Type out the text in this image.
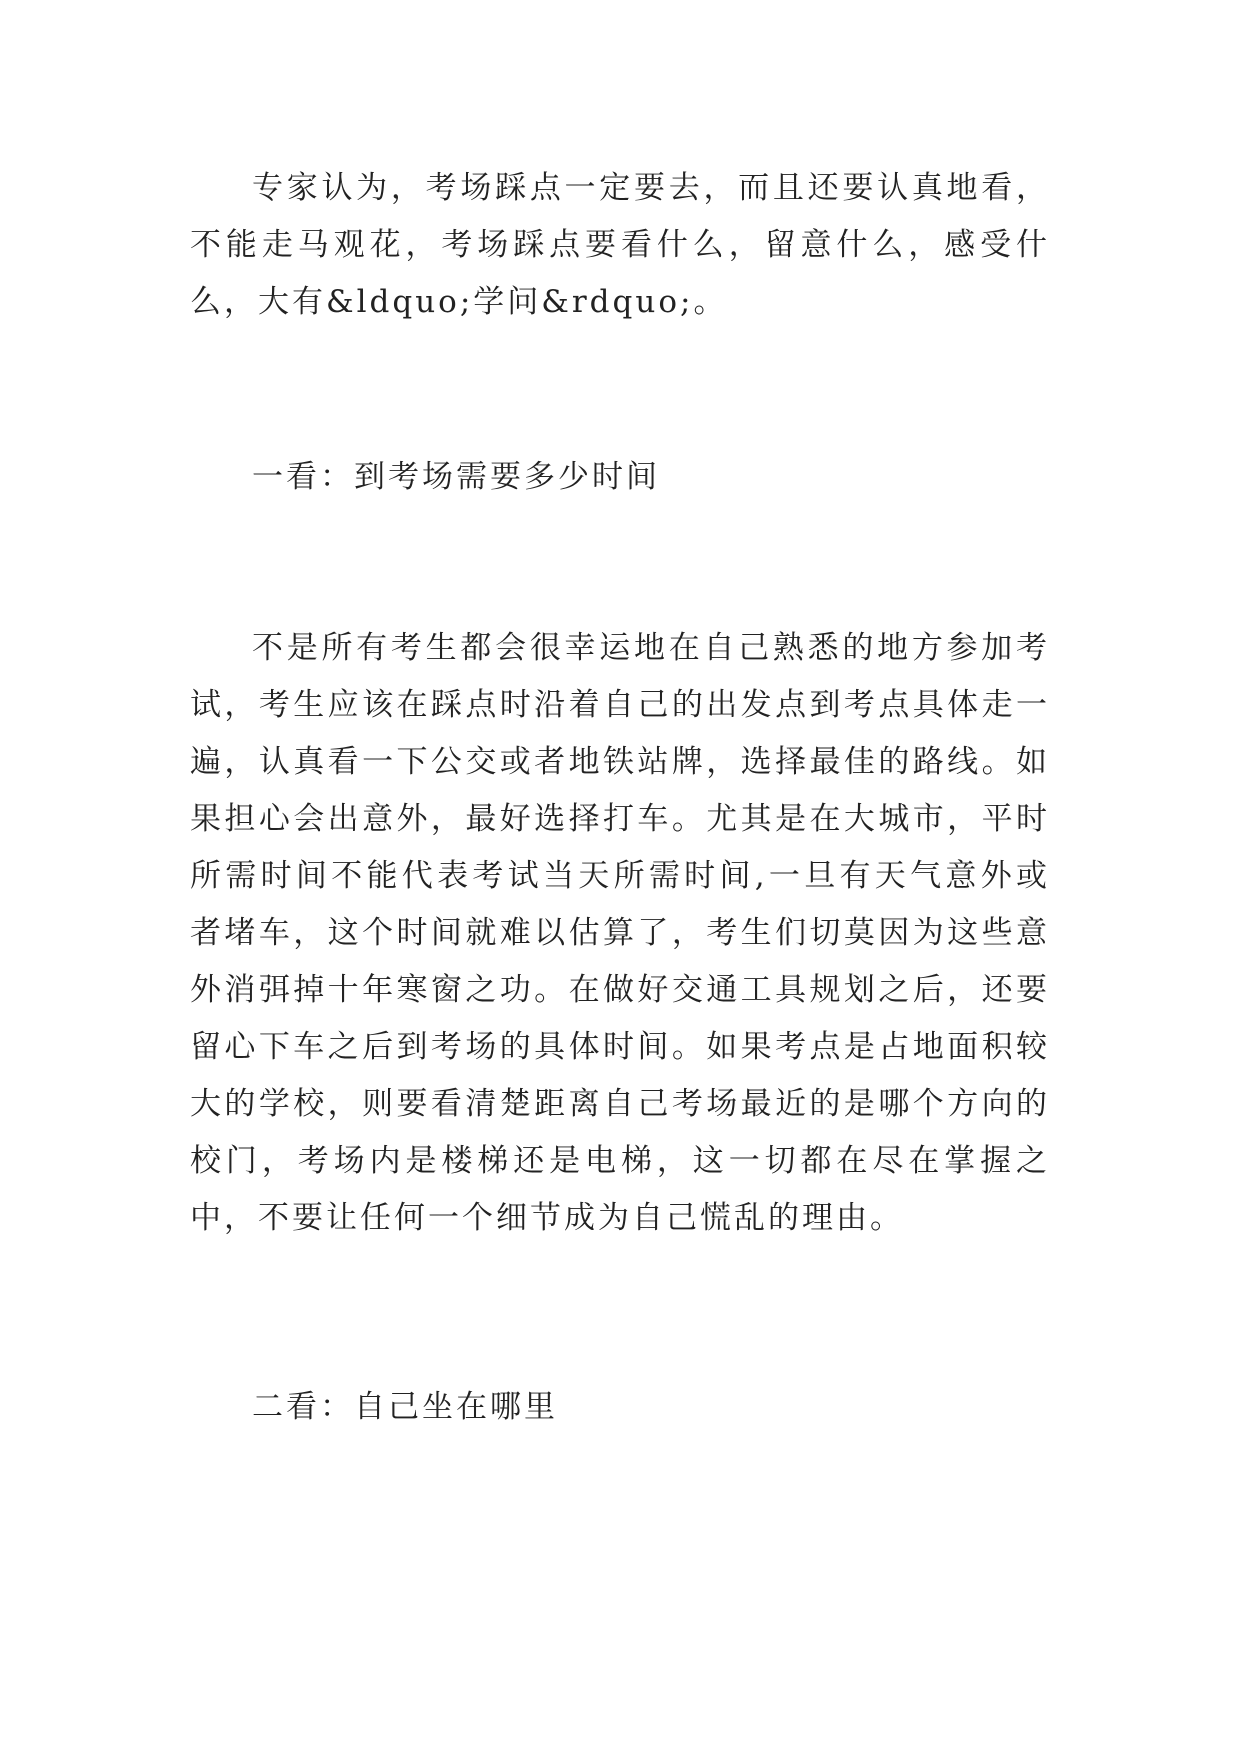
专家认为，考场踩点一定要去，而且还要认真地看，不能走马观花，考场踩点要看什么，留意什么，感受什么，大有&ldquo;学问&rdquo;。

一看：到考场需要多少时间

不是所有考生都会很幸运地在自己熟悉的地方参加考试，考生应该在踩点时沿着自己的出发点到考点具体走一遍，认真看一下公交或者地铁站牌，选择最佳的路线。如果担心会出意外，最好选择打车。尤其是在大城市，平时所需时间不能代表考试当天所需时间,一旦有天气意外或者堵车，这个时间就难以估算了，考生们切莫因为这些意外消弭掉十年寒窗之功。在做好交通工具规划之后，还要留心下车之后到考场的具体时间。如果考点是占地面积较大的学校，则要看清楚距离自己考场最近的是哪个方向的校门，考场内是楼梯还是电梯，这一切都在尽在掌握之中，不要让任何一个细节成为自己慌乱的理由。

二看：自己坐在哪里
